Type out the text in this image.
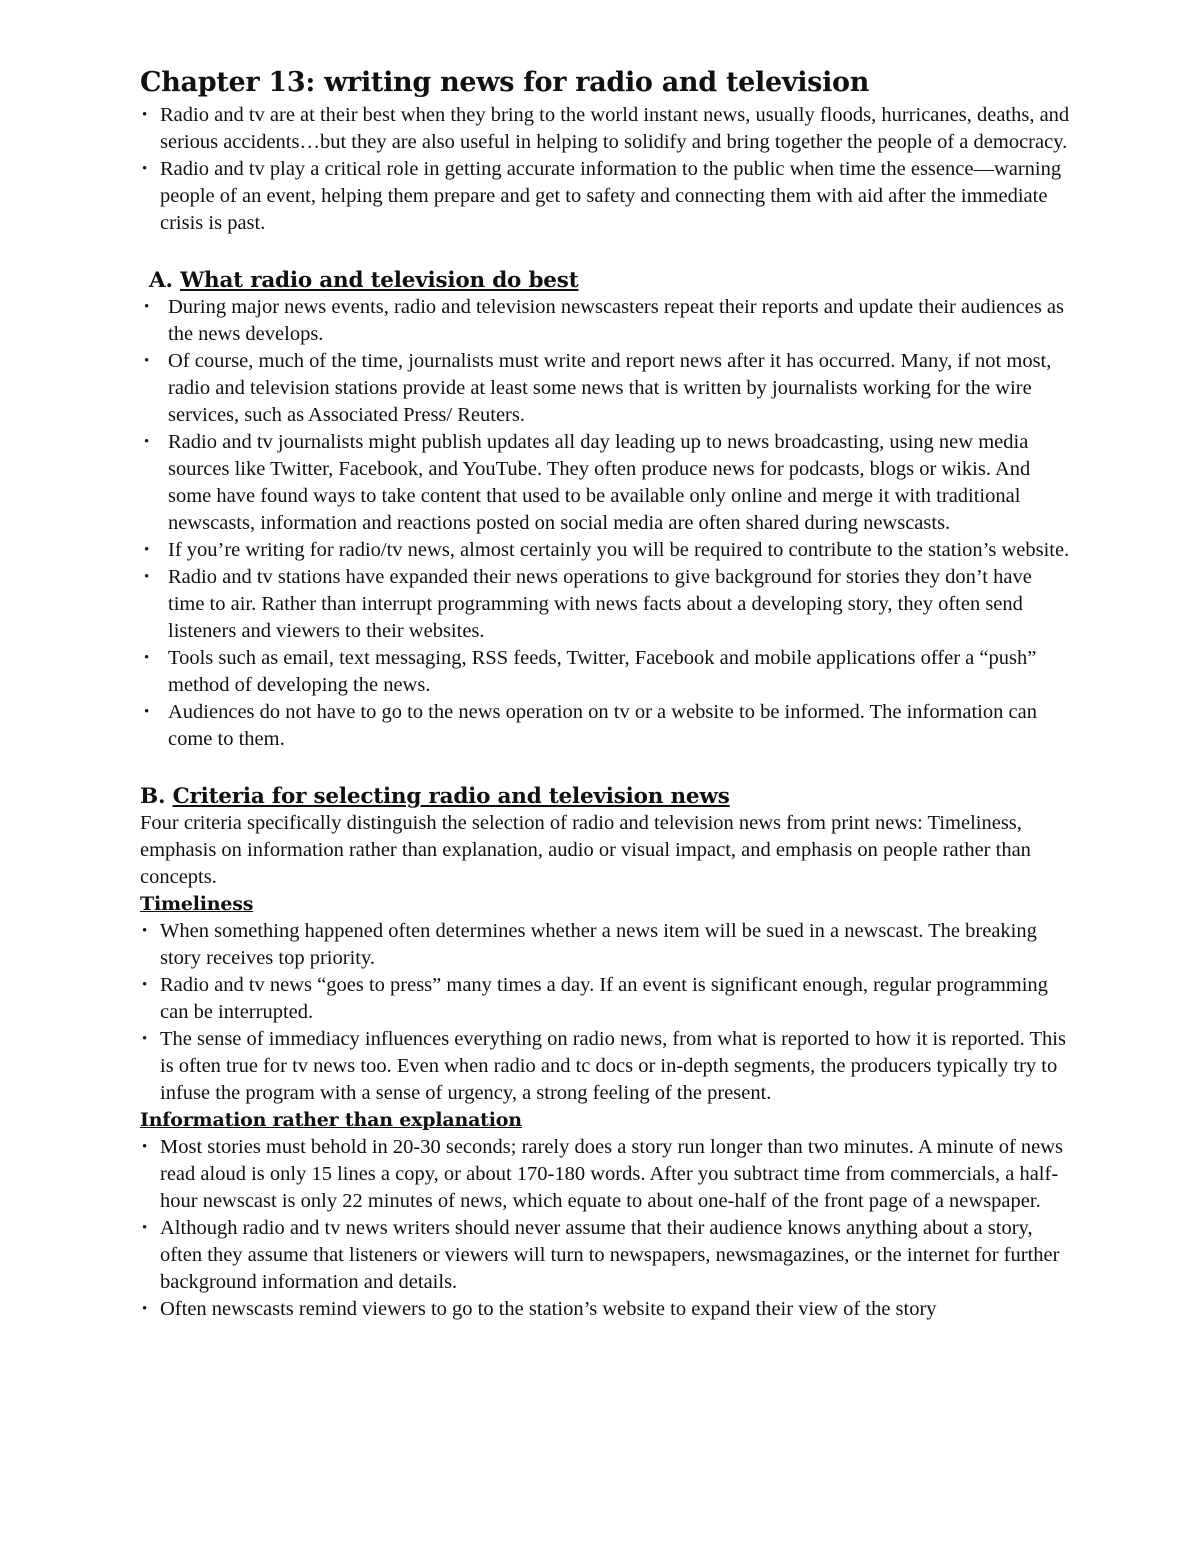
Chapter 13: writing news for radio and television
• Radio and tv are at their best when they bring to the world instant news, usually floods, hurricanes, deaths, and serious accidents…but they are also useful in helping to solidify and bring together the people of a democracy.
• Radio and tv play a critical role in getting accurate information to the public when time the essence—warning people of an event, helping them prepare and get to safety and connecting them with aid after the immediate crisis is past.
A. What radio and television do best
• During major news events, radio and television newscasters repeat their reports and update their audiences as the news develops.
• Of course, much of the time, journalists must write and report news after it has occurred. Many, if not most, radio and television stations provide at least some news that is written by journalists working for the wire services, such as Associated Press/ Reuters.
• Radio and tv journalists might publish updates all day leading up to news broadcasting, using new media sources like Twitter, Facebook, and YouTube. They often produce news for podcasts, blogs or wikis. And some have found ways to take content that used to be available only online and merge it with traditional newscasts, information and reactions posted on social media are often shared during newscasts.
• If you’re writing for radio/tv news, almost certainly you will be required to contribute to the station’s website.
• Radio and tv stations have expanded their news operations to give background for stories they don’t have time to air. Rather than interrupt programming with news facts about a developing story, they often send listeners and viewers to their websites.
• Tools such as email, text messaging, RSS feeds, Twitter, Facebook and mobile applications offer a “push” method of developing the news.
• Audiences do not have to go to the news operation on tv or a website to be informed. The information can come to them.
B. Criteria for selecting radio and television news

Four criteria specifically distinguish the selection of radio and television news from print news: Timeliness, emphasis on information rather than explanation, audio or visual impact, and emphasis on people rather than concepts.

Timeliness
• When something happened often determines whether a news item will be sued in a newscast. The breaking story receives top priority.
• Radio and tv news “goes to press” many times a day. If an event is significant enough, regular programming can be interrupted.
• The sense of immediacy influences everything on radio news, from what is reported to how it is reported. This is often true for tv news too. Even when radio and tc docs or in-depth segments, the producers typically try to infuse the program with a sense of urgency, a strong feeling of the present.
Information rather than explanation
• Most stories must behold in 20-30 seconds; rarely does a story run longer than two minutes. A minute of news read aloud is only 15 lines a copy, or about 170-180 words. After you subtract time from commercials, a half-hour newscast is only 22 minutes of news, which equate to about one-half of the front page of a newspaper.
• Although radio and tv news writers should never assume that their audience knows anything about a story, often they assume that listeners or viewers will turn to newspapers, newsmagazines, or the internet for further background information and details.
• Often newscasts remind viewers to go to the station’s website to expand their view of the story
